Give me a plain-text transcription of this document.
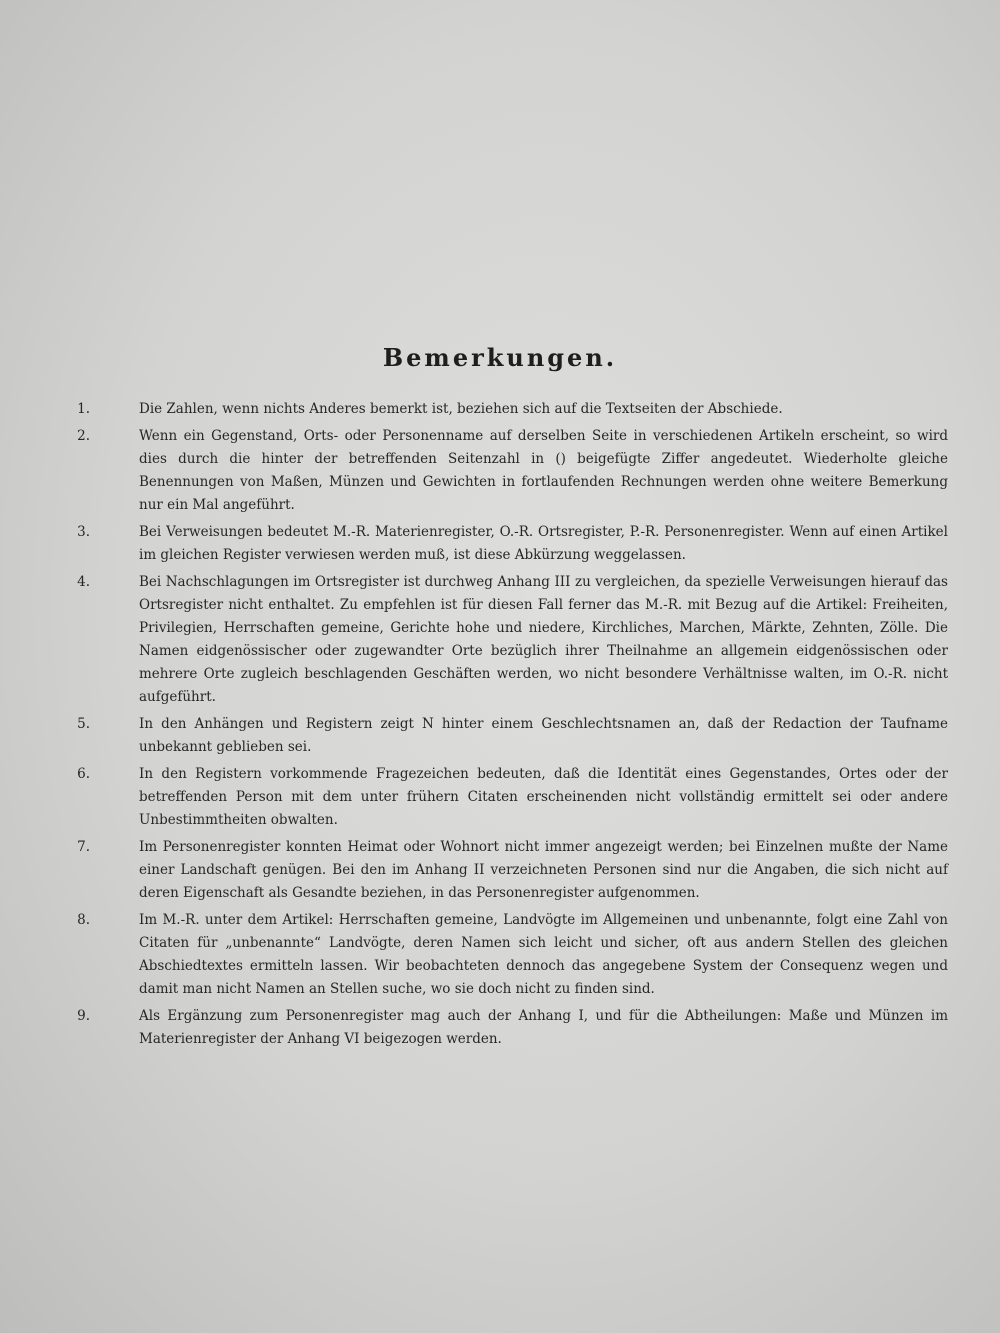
Bemerkungen.
1.	Die Zahlen, wenn nichts Anderes bemerkt ist, beziehen sich auf die Textseiten der Abschiede.
2.	Wenn ein Gegenstand, Orts- oder Personenname auf derselben Seite in verschiedenen Artikeln erscheint, so wird dies durch die hinter der betreffenden Seitenzahl in () beigefügte Ziffer angedeutet. Wiederholte gleiche Benennungen von Maßen, Münzen und Gewichten in fortlaufenden Rechnungen werden ohne weitere Bemerkung nur ein Mal angeführt.
3.	Bei Verweisungen bedeutet M.-R. Materienregister, O.-R. Ortsregister, P.-R. Personenregister. Wenn auf einen Artikel im gleichen Register verwiesen werden muß, ist diese Abkürzung weggelassen.
4.	Bei Nachschlagungen im Ortsregister ist durchweg Anhang III zu vergleichen, da spezielle Verweisungen hierauf das Ortsregister nicht enthaltet. Zu empfehlen ist für diesen Fall ferner das M.-R. mit Bezug auf die Artikel: Freiheiten, Privilegien, Herrschaften gemeine, Gerichte hohe und niedere, Kirchliches, Marchen, Märkte, Zehnten, Zölle. Die Namen eidgenössischer oder zugewandter Orte bezüglich ihrer Theilnahme an allgemein eidgenössischen oder mehrere Orte zugleich beschlagenden Geschäften werden, wo nicht besondere Verhältnisse walten, im O.-R. nicht aufgeführt.
5.	In den Anhängen und Registern zeigt N hinter einem Geschlechtsnamen an, daß der Redaction der Taufname unbekannt geblieben sei.
6.	In den Registern vorkommende Fragezeichen bedeuten, daß die Identität eines Gegenstandes, Ortes oder der betreffenden Person mit dem unter frühern Citaten erscheinenden nicht vollständig ermittelt sei oder andere Unbestimmtheiten obwalten.
7.	Im Personenregister konnten Heimat oder Wohnort nicht immer angezeigt werden; bei Einzelnen mußte der Name einer Landschaft genügen. Bei den im Anhang II verzeichneten Personen sind nur die Angaben, die sich nicht auf deren Eigenschaft als Gesandte beziehen, in das Personenregister aufgenommen.
8.	Im M.-R. unter dem Artikel: Herrschaften gemeine, Landvögte im Allgemeinen und unbenannte, folgt eine Zahl von Citaten für „unbenannte“ Landvögte, deren Namen sich leicht und sicher, oft aus andern Stellen des gleichen Abschiedtextes ermitteln lassen. Wir beobachteten dennoch das angegebene System der Consequenz wegen und damit man nicht Namen an Stellen suche, wo sie doch nicht zu finden sind.
9.	Als Ergänzung zum Personenregister mag auch der Anhang I, und für die Abtheilungen: Maße und Münzen im Materienregister der Anhang VI beigezogen werden.
